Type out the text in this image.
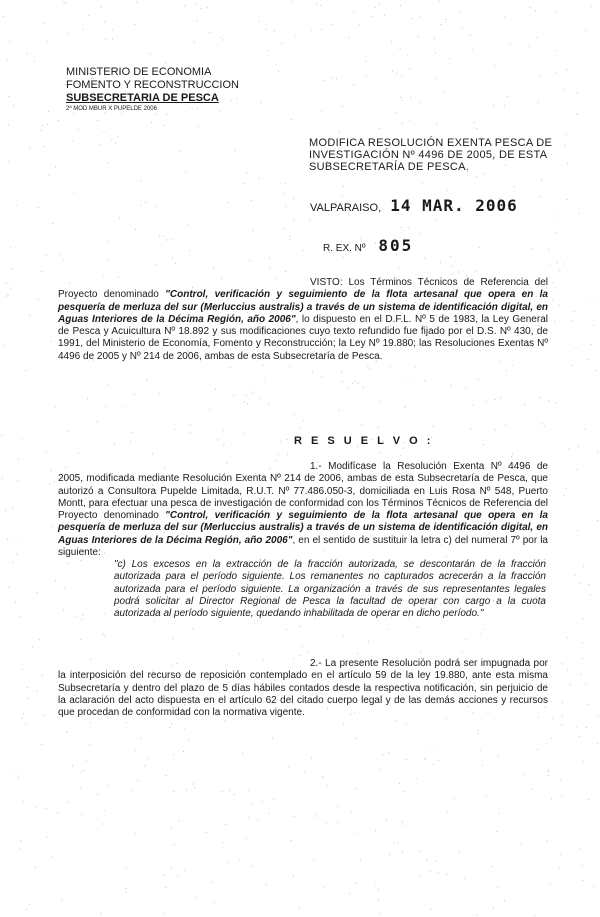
MINISTERIO DE ECONOMIA
FOMENTO Y RECONSTRUCCION
SUBSECRETARIA DE PESCA
2ª MOD MBUR X PUPELDE 2006
MODIFICA RESOLUCIÓN EXENTA PESCA DE INVESTIGACIÓN Nº 4496 DE 2005, DE ESTA SUBSECRETARÍA DE PESCA.
VALPARAISO, 14 MAR. 2006
R. EX. Nº 805
VISTO: Los Términos Técnicos de Referencia del Proyecto denominado "Control, verificación y seguimiento de la flota artesanal que opera en la pesquería de merluza del sur (Merluccius australis) a través de un sistema de identificación digital, en Aguas Interiores de la Décima Región, año 2006", lo dispuesto en el D.F.L. Nº 5 de 1983, la Ley General de Pesca y Acuicultura Nº 18.892 y sus modificaciones cuyo texto refundido fue fijado por el D.S. Nº 430, de 1991, del Ministerio de Economía, Fomento y Reconstrucción; la Ley Nº 19.880; las Resoluciones Exentas Nº 4496 de 2005 y Nº 214 de 2006, ambas de esta Subsecretaría de Pesca.
R E S U E L V O :
1.- Modifícase la Resolución Exenta Nº 4496 de 2005, modificada mediante Resolución Exenta Nº 214 de 2006, ambas de esta Subsecretaría de Pesca, que autorizó a Consultora Pupelde Limitada, R.U.T. Nº 77.486.050-3, domiciliada en Luis Rosa Nº 548, Puerto Montt, para efectuar una pesca de investigación de conformidad con los Términos Técnicos de Referencia del Proyecto denominado "Control, verificación y seguimiento de la flota artesanal que opera en la pesquería de merluza del sur (Merluccius australis) a través de un sistema de identificación digital, en Aguas Interiores de la Décima Región, año 2006", en el sentido de sustituir la letra c) del numeral 7º por la siguiente:
"c) Los excesos en la extracción de la fracción autorizada, se descontarán de la fracción autorizada para el período siguiente. Los remanentes no capturados acrecerán a la fracción autorizada para el período siguiente. La organización a través de sus representantes legales podrá solicitar al Director Regional de Pesca la facultad de operar con cargo a la cuota autorizada al período siguiente, quedando inhabilitada de operar en dicho período."
2.- La presente Resolución podrá ser impugnada por la interposición del recurso de reposición contemplado en el artículo 59 de la ley 19.880, ante esta misma Subsecretaría y dentro del plazo de 5 días hábiles contados desde la respectiva notificación, sin perjuicio de la aclaración del acto dispuesta en el artículo 62 del citado cuerpo legal y de las demás acciones y recursos que procedan de conformidad con la normativa vigente.
